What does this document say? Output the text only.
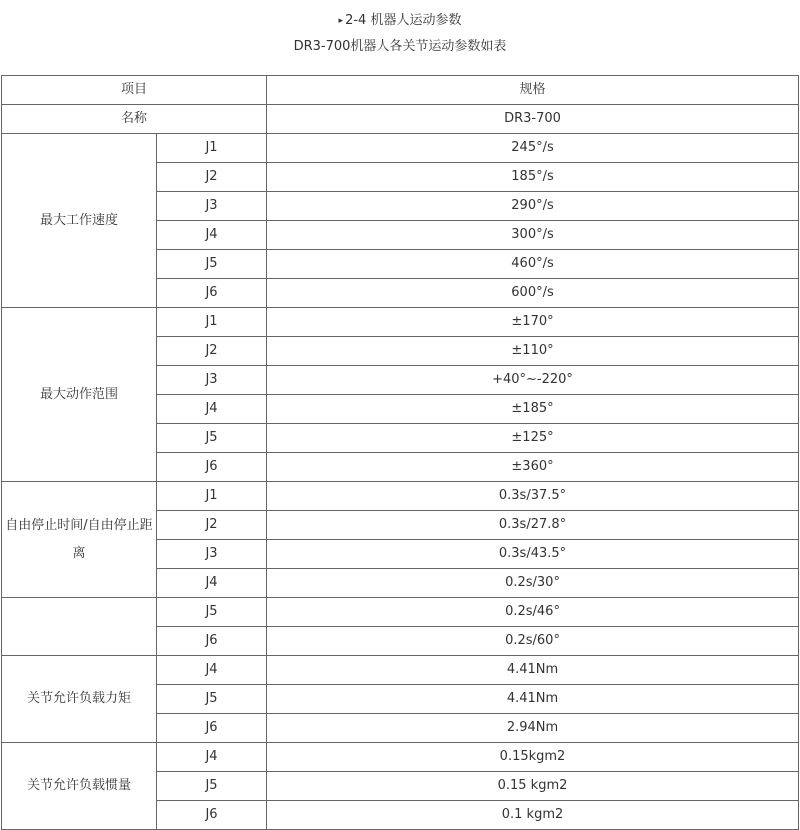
▸ 2-4 机器人运动参数
DR3-700机器人各关节运动参数如表
项目		规格
名称		DR3-700
最大工作速度	J1	245°/s
	J2	185°/s
	J3	290°/s
	J4	300°/s
	J5	460°/s
	J6	600°/s
最大动作范围	J1	±170°
	J2	±110°
	J3	+40°~-220°
	J4	±185°
	J5	±125°
	J6	±360°
自由停止时间/自由停止距离	J1	0.3s/37.5°
	J2	0.3s/27.8°
	J3	0.3s/43.5°
	J4	0.2s/30°
	J5	0.2s/46°
	J6	0.2s/60°
关节允许负载力矩	J4	4.41Nm
	J5	4.41Nm
	J6	2.94Nm
关节允许负载惯量	J4	0.15kgm2
	J5	0.15 kgm2
	J6	0.1 kgm2
